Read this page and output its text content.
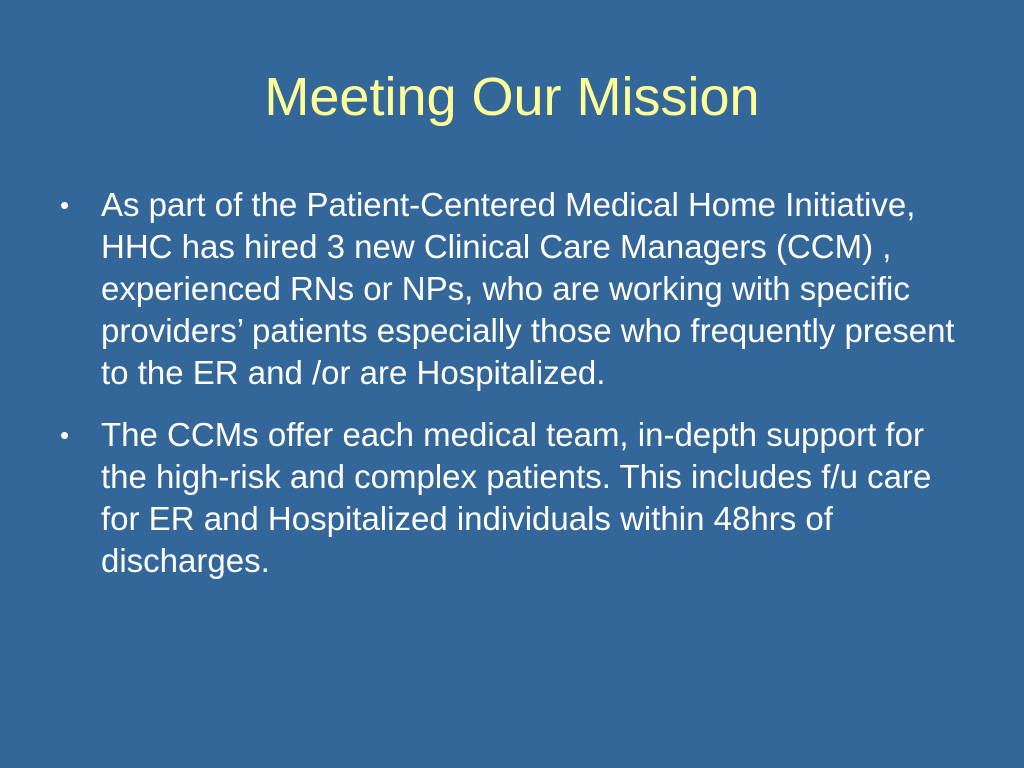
Meeting Our Mission
• As part of the Patient-Centered Medical Home Initiative, HHC has hired 3 new Clinical Care Managers (CCM) , experienced RNs or NPs, who are working with specific providers’ patients especially those who frequently present to the ER and /or are Hospitalized.
• The CCMs offer each medical team, in-depth support for the high-risk and complex patients. This includes f/u care for ER and Hospitalized individuals within 48hrs of discharges.
